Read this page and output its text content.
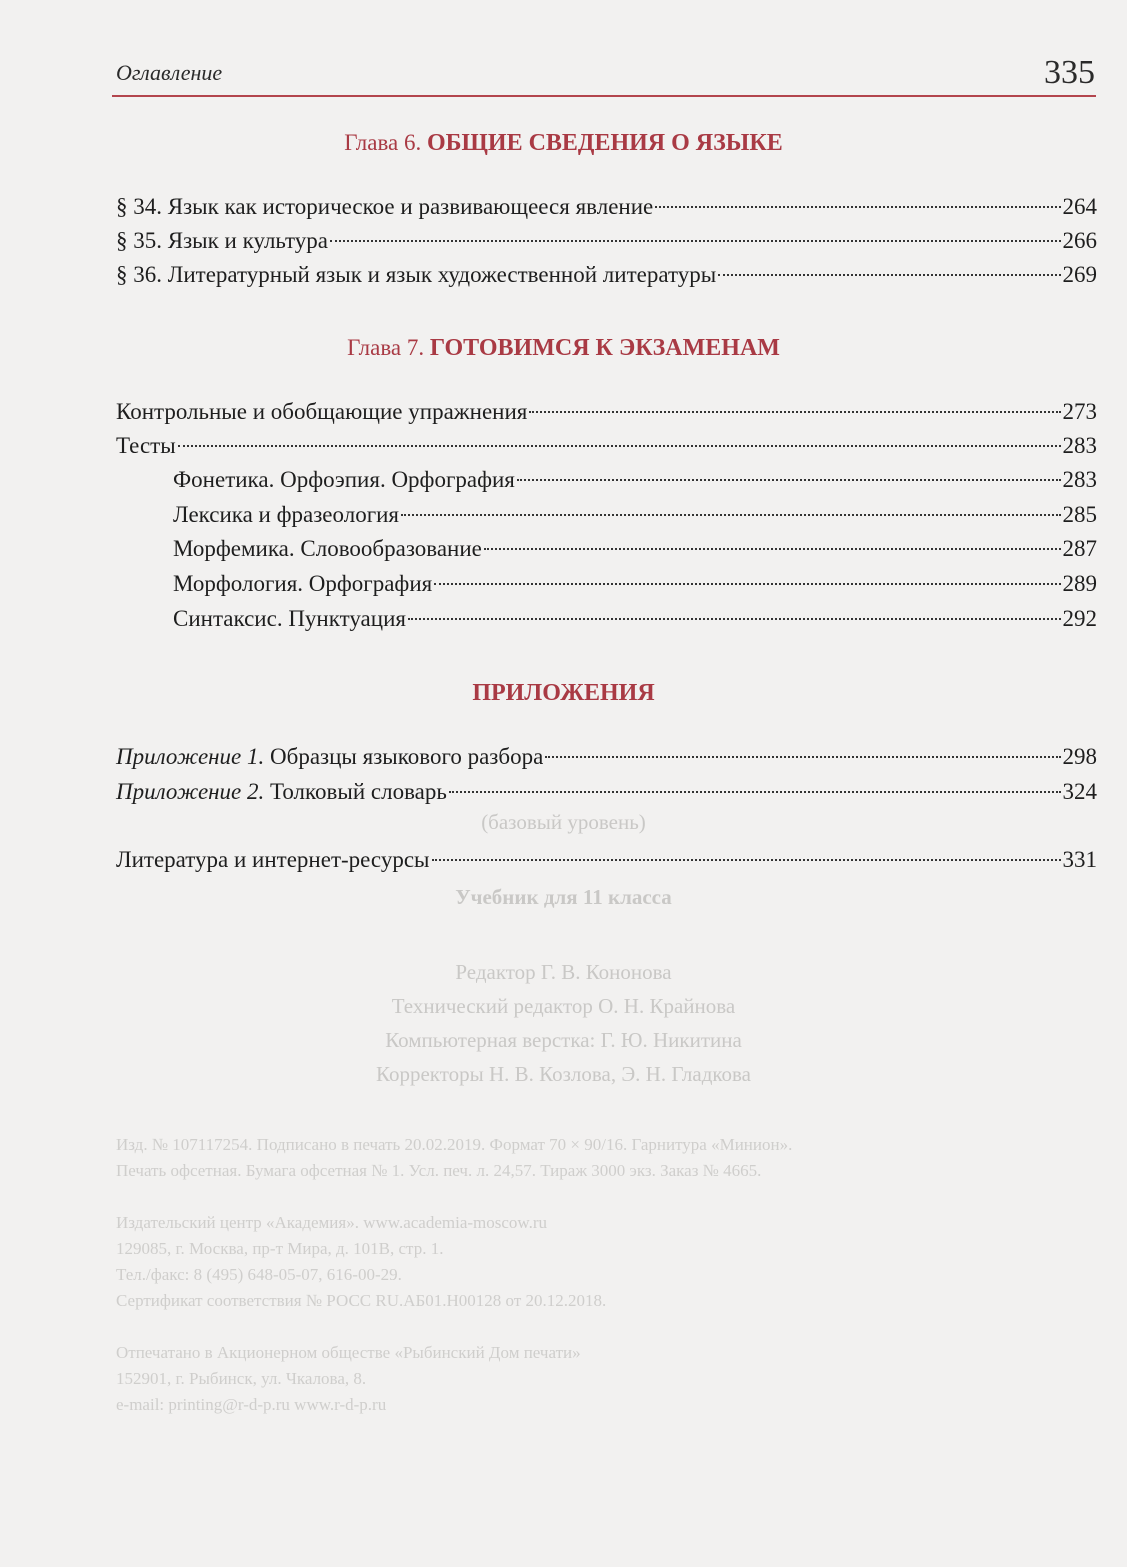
Оглавление	335
(базовый уровень)
Учебник для 11 класса
Редактор Г. В. Кононова
Технический редактор О. Н. Крайнова
Компьютерная верстка: Г. Ю. Никитина
Корректоры Н. В. Козлова, Э. Н. Гладкова
Изд. № 107117254. Подписано в печать 20.02.2019. Формат 70 × 90/16. Гарнитура «Минион».
Печать офсетная. Бумага офсетная № 1. Усл. печ. л. 24,57. Тираж 3000 экз. Заказ № 4665.
Издательский центр «Академия». www.academia-moscow.ru
129085, г. Москва, пр-т Мира, д. 101В, стр. 1.
Тел./факс: 8 (495) 648-05-07, 616-00-29.
Сертификат соответствия № РОСС RU.АБ01.H00128 от 20.12.2018.
Отпечатано в Акционерном обществе «Рыбинский Дом печати»
152901, г. Рыбинск, ул. Чкалова, 8.
e-mail: printing@r-d-p.ru www.r-d-p.ru
Глава 6. ОБЩИЕ СВЕДЕНИЯ О ЯЗЫКЕ
§ 34. Язык как историческое и развивающееся явление	264
§ 35. Язык и культура	266
§ 36. Литературный язык и язык художественной литературы	269
Глава 7. ГОТОВИМСЯ К ЭКЗАМЕНАМ
Контрольные и обобщающие упражнения	273
Тесты	283
Фонетика. Орфоэпия. Орфография	283
Лексика и фразеология	285
Морфемика. Словообразование	287
Морфология. Орфография	289
Синтаксис. Пунктуация	292
ПРИЛОЖЕНИЯ
Приложение 1. Образцы языкового разбора	298
Приложение 2. Толковый словарь	324
Литература и интернет-ресурсы	331
